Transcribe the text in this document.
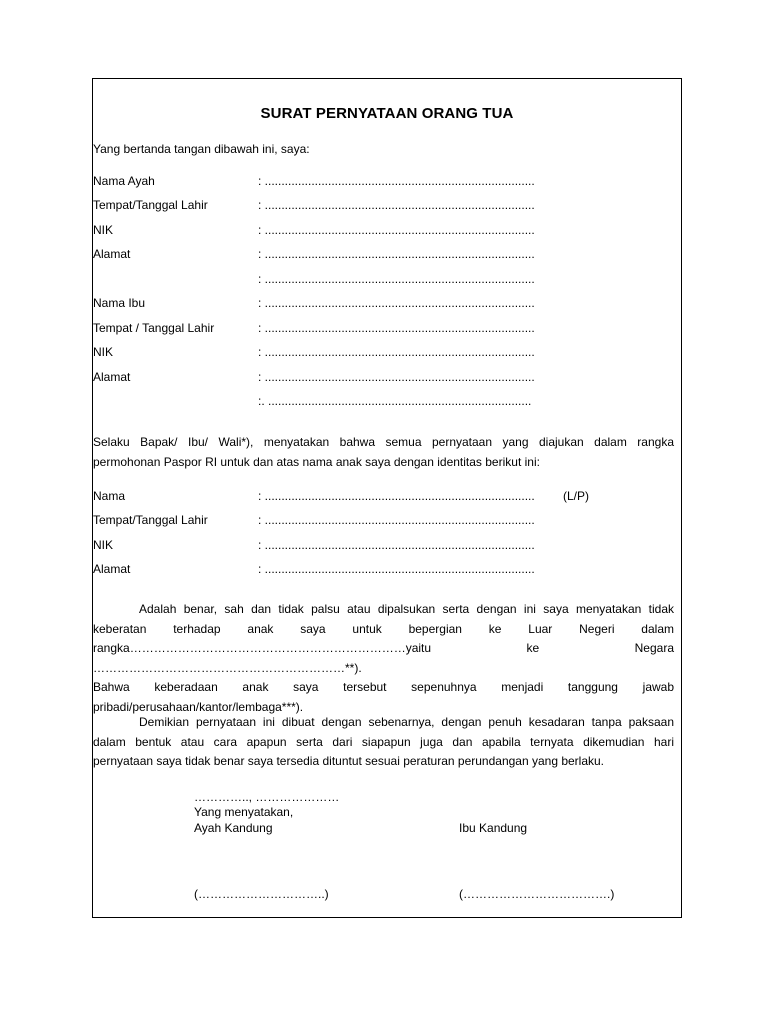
SURAT PERNYATAAN ORANG TUA
Yang bertanda tangan dibawah ini, saya:
Nama Ayah	: .................................................................................
Tempat/Tanggal Lahir	: .................................................................................
NIK	: .................................................................................
Alamat	: .................................................................................
: .................................................................................
Nama Ibu	: .................................................................................
Tempat / Tanggal Lahir	: .................................................................................
NIK	: .................................................................................
Alamat	: .................................................................................
:. ...............................................................................
Selaku Bapak/ Ibu/ Wali*), menyatakan bahwa semua pernyataan yang diajukan dalam rangka
permohonan Paspor RI untuk dan atas nama anak saya dengan identitas berikut ini:
Nama	: ................................................................................. (L/P)
Tempat/Tanggal Lahir	: .................................................................................
NIK	: .................................................................................
Alamat	: .................................................................................
Adalah benar, sah dan tidak palsu atau dipalsukan serta dengan ini saya menyatakan tidak
keberatan terhadap anak saya untuk bepergian ke Luar Negeri dalam
rangka……………………………………………………………yaitu ke Negara ………………………………………………………**).
Bahwa keberadaan anak saya tersebut sepenuhnya menjadi tanggung jawab
pribadi/perusahaan/kantor/lembaga***).
Demikian pernyataan ini dibuat dengan sebenarnya, dengan penuh kesadaran tanpa paksaan
dalam bentuk atau cara apapun serta dari siapapun juga dan apabila ternyata dikemudian hari
pernyataan saya tidak benar saya tersedia dituntut sesuai peraturan perundangan yang berlaku.
………….., …………………
Yang menyatakan,
Ayah Kandung	Ibu Kandung
(…………………………..)	(……………………………….)
